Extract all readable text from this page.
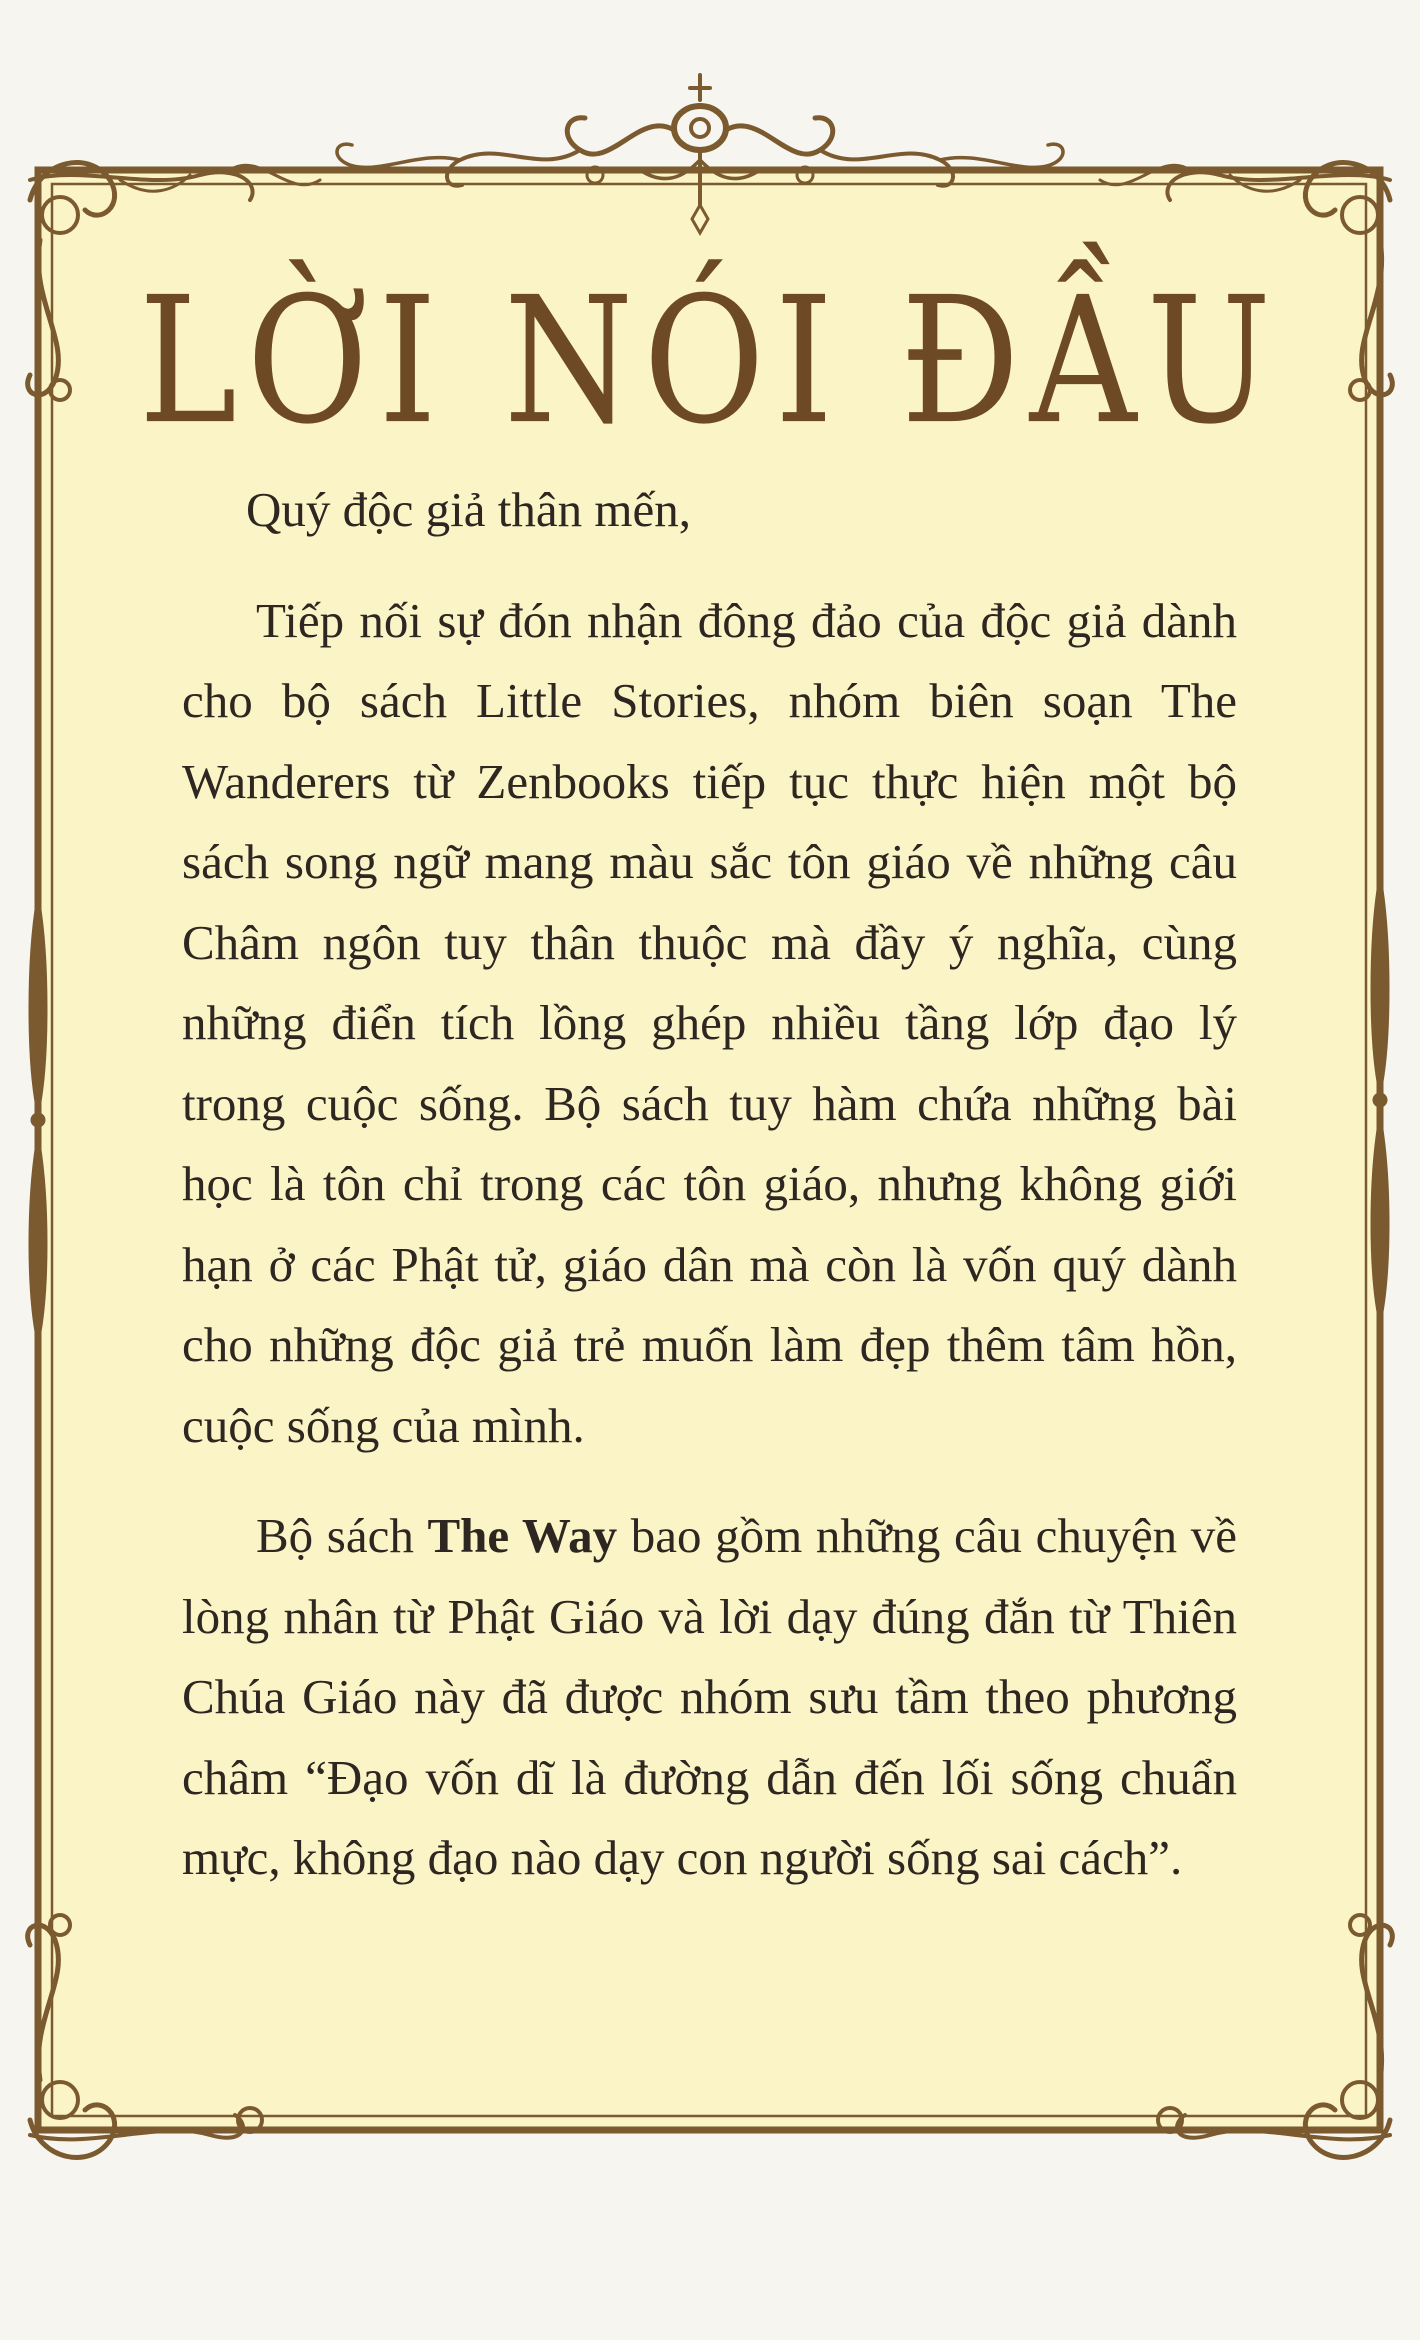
LỜI NÓI ĐẦU

Quý độc giả thân mến,

Tiếp nối sự đón nhận đông đảo của độc giả dành cho bộ sách Little Stories, nhóm biên soạn The Wanderers từ Zenbooks tiếp tục thực hiện một bộ sách song ngữ mang màu sắc tôn giáo về những câu Châm ngôn tuy thân thuộc mà đầy ý nghĩa, cùng những điển tích lồng ghép nhiều tầng lớp đạo lý trong cuộc sống. Bộ sách tuy hàm chứa những bài học là tôn chỉ trong các tôn giáo, nhưng không giới hạn ở các Phật tử, giáo dân mà còn là vốn quý dành cho những độc giả trẻ muốn làm đẹp thêm tâm hồn, cuộc sống của mình.

Bộ sách The Way bao gồm những câu chuyện về lòng nhân từ Phật Giáo và lời dạy đúng đắn từ Thiên Chúa Giáo này đã được nhóm sưu tầm theo phương châm “Đạo vốn dĩ là đường dẫn đến lối sống chuẩn mực, không đạo nào dạy con người sống sai cách”.
